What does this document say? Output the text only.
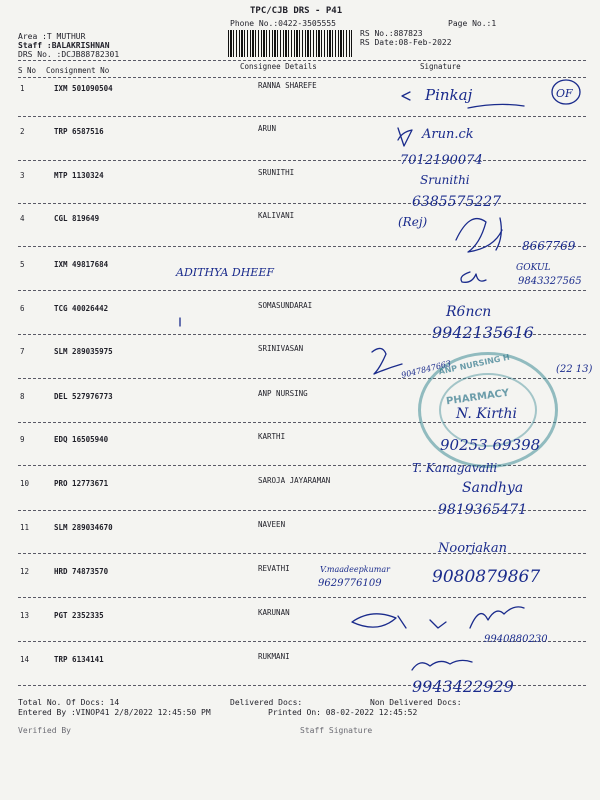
TPC/CJB DRS - P41
Phone No.:0422-3505555	Page No.:1
Area :T MUTHUR
Staff :BALAKRISHNAN
DRS No. :DCJB88782301
RS No.:887823
RS Date:08-Feb-2022
S No Consignment No	Consignee Details	Signature
1	IXM 501090504	RANNA SHAREFE
2	TRP 6587516	ARUN
3	MTP 1130324	SRUNITHI
4	CGL 819649	KALIVANI
5	IXM 49817684
6	TCG 40026442	SOMASUNDARAI
7	SLM 289035975	SRINIVASAN
8	DEL 527976773	ANP NURSING
9	EDQ 16505940	KARTHI
10	PRO 12773671	SAROJA JAYARAMAN
11	SLM 289034670	NAVEEN
12	HRD 74873570	REVATHI
13	PGT 2352335	KARUNAN
14	TRP 6134141	RUKMANI
ANP NURSING H
PHARMACY
Pinkaj	OF
Arun.ck
7012190074
Srunithi
6385575227
(Rej)
8667769
ADITHYA DHEEF	GOKUL
9843327565
R6ncn
9942135616
9047847663	(22 13)
N. Kirthi
90253 69398
T. Kanagavalli
Sandhya
9819365471
Noorjakan
V.maadeepkumar
9629776109	9080879867
9940880230
9943422929
Total No. Of Docs: 14	Delivered Docs:	Non Delivered Docs:
Entered By :VINOP41 2/8/2022 12:45:50 PM	Printed On: 08-02-2022 12:45:52
Verified By	Staff Signature
